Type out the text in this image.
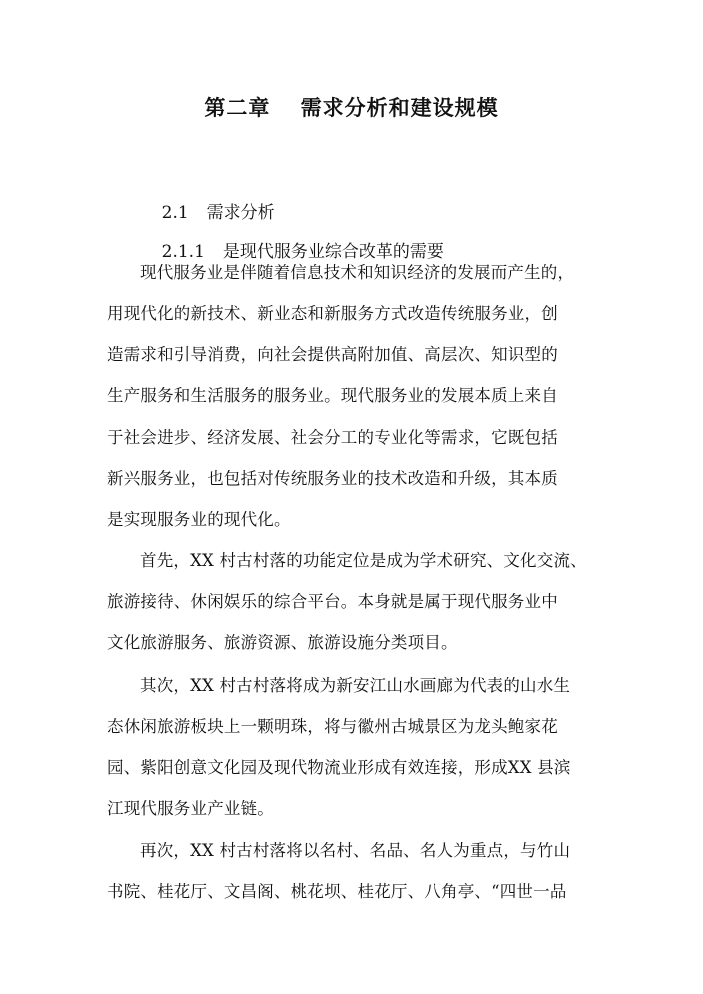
第二章　 需求分析和建设规模

2.1 需求分析

2.1.1 是现代服务业综合改革的需要

现代服务业是伴随着信息技术和知识经济的发展而产生的，
用现代化的新技术、新业态和新服务方式改造传统服务业，创
造需求和引导消费，向社会提供高附加值、高层次、知识型的
生产服务和生活服务的服务业。现代服务业的发展本质上来自
于社会进步、经济发展、社会分工的专业化等需求，它既包括
新兴服务业，也包括对传统服务业的技术改造和升级，其本质
是实现服务业的现代化。
首先，XX 村古村落的功能定位是成为学术研究、文化交流、
旅游接待、休闲娱乐的综合平台。本身就是属于现代服务业中
文化旅游服务、旅游资源、旅游设施分类项目。
其次，XX 村古村落将成为新安江山水画廊为代表的山水生
态休闲旅游板块上一颗明珠，将与徽州古城景区为龙头鲍家花
园、紫阳创意文化园及现代物流业形成有效连接，形成XX 县滨
江现代服务业产业链。
再次，XX 村古村落将以名村、名品、名人为重点，与竹山
书院、桂花厅、文昌阁、桃花坝、桂花厅、八角亭、“四世一品
